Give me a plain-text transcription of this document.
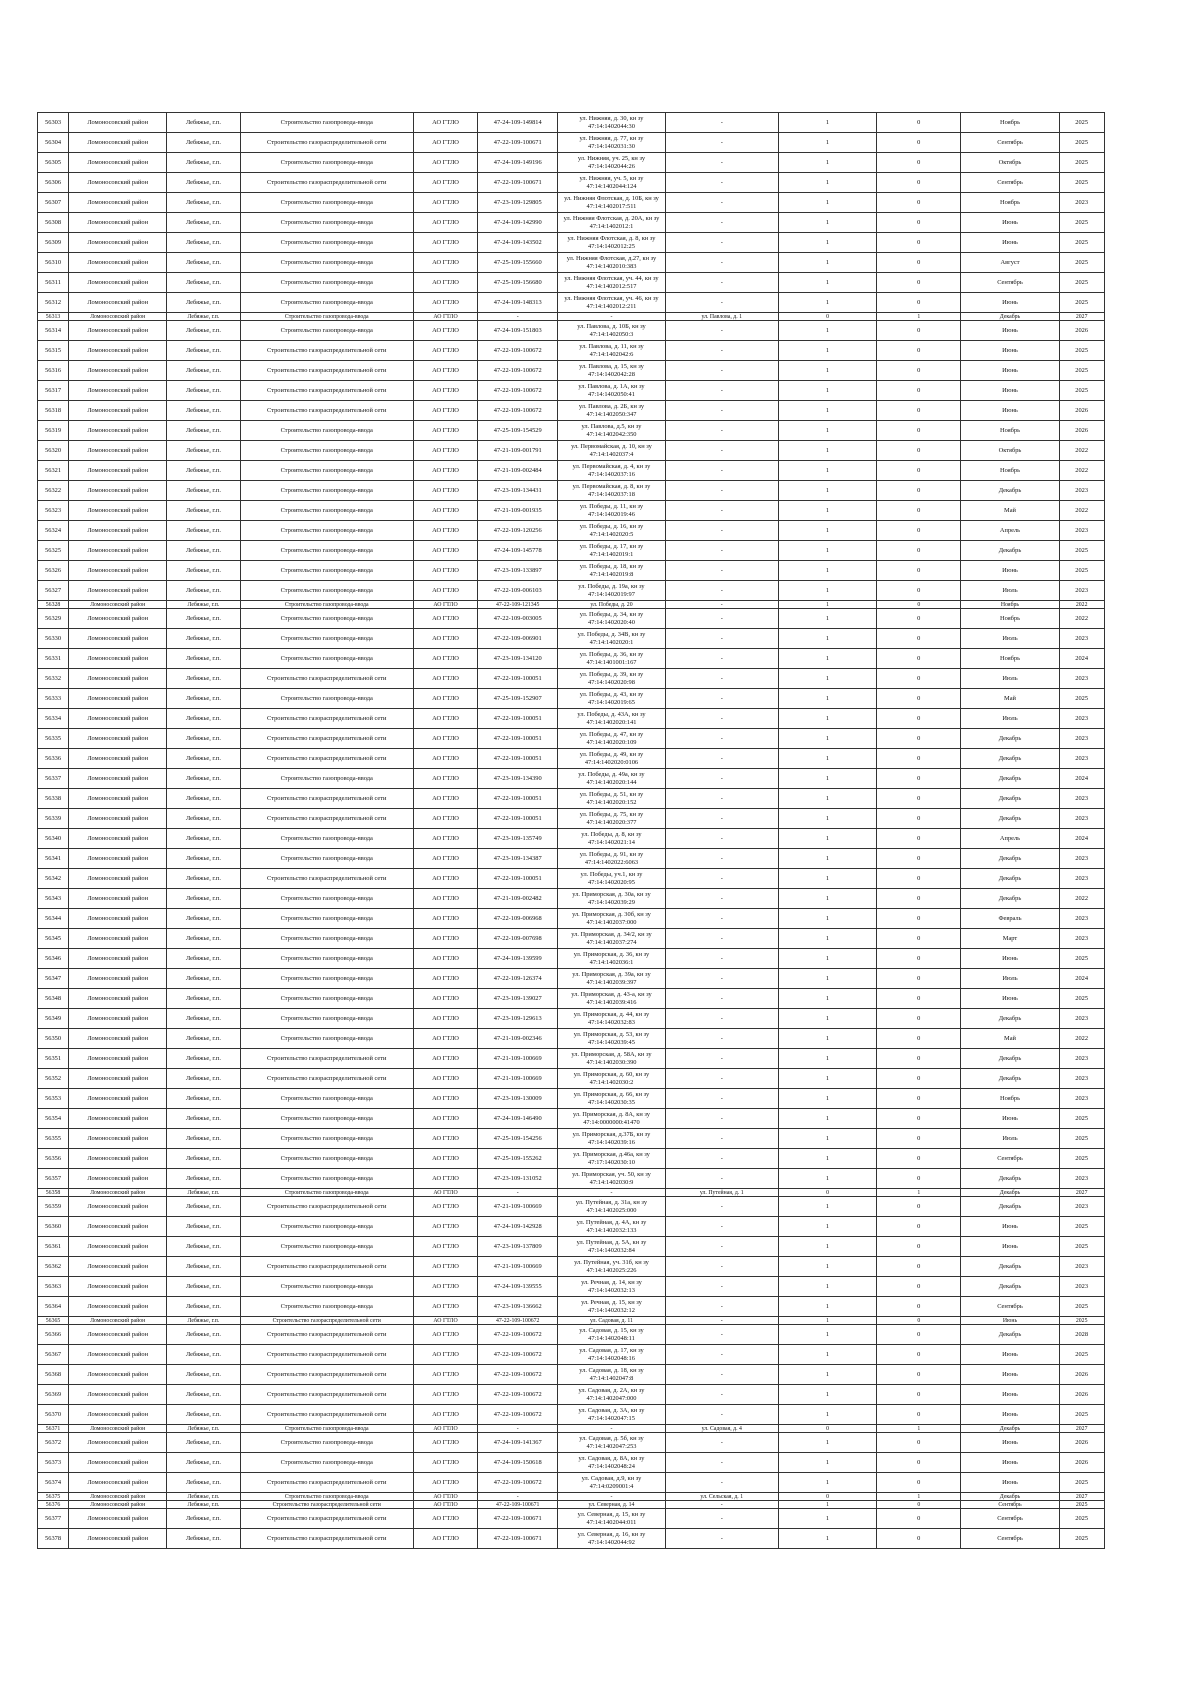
56303	Ломоносовский район	Лебяжье, г.п.	Строительство газопровода-ввода	АО ГТЛО	47-24-109-149814	ул. Нижняя, д. 30, кн зу
47:14:1402044:30	-	1	0	Ноябрь	2025
56304	Ломоносовский район	Лебяжье, г.п.	Строительство газораспределительной сети	АО ГТЛО	47-22-109-100671	ул. Нижняя, д. 77, кн зу
47:14:1402031:30	-	1	0	Сентябрь	2025
56305	Ломоносовский район	Лебяжье, г.п.	Строительство газопровода-ввода	АО ГТЛО	47-24-109-149196	ул. Нижняя, уч. 25, кн зу
47:14:1402044:26	-	1	0	Октябрь	2025
56306	Ломоносовский район	Лебяжье, г.п.	Строительство газораспределительной сети	АО ГТЛО	47-22-109-100671	ул. Нижняя, уч. 5, кн зу
47:14:1402044:124	-	1	0	Сентябрь	2025
56307	Ломоносовский район	Лебяжье, г.п.	Строительство газопровода-ввода	АО ГТЛО	47-23-109-129805	ул. Нижняя Флотская, д. 10Б, кн зу
47:14:1402017:511	-	1	0	Ноябрь	2023
56308	Ломоносовский район	Лебяжье, г.п.	Строительство газопровода-ввода	АО ГТЛО	47-24-109-142990	ул. Нижняя Флотская, д. 20А, кн зу
47:14:1402012:1	-	1	0	Июнь	2025
56309	Ломоносовский район	Лебяжье, г.п.	Строительство газопровода-ввода	АО ГТЛО	47-24-109-143502	ул. Нижняя Флотская, д. 8, кн зу
47:14:1402012:25	-	1	0	Июнь	2025
56310	Ломоносовский район	Лебяжье, г.п.	Строительство газопровода-ввода	АО ГТЛО	47-25-109-155660	ул. Нижняя Флотская, д.27, кн зу
47:14:1402010:383	-	1	0	Август	2025
56311	Ломоносовский район	Лебяжье, г.п.	Строительство газопровода-ввода	АО ГТЛО	47-25-109-156680	ул. Нижняя Флотская, уч. 44, кн зу
47:14:1402012:517	-	1	0	Сентябрь	2025
56312	Ломоносовский район	Лебяжье, г.п.	Строительство газопровода-ввода	АО ГТЛО	47-24-109-148313	ул. Нижняя Флотская, уч. 46, кн зу
47:14:1402012:211	-	1	0	Июнь	2025
56313	Ломоносовский район	Лебяжье, г.п.	Строительство газопровода-ввода	АО ГТЛО	-	-	ул. Павлова, д. 1	0	1	Декабрь	2027
56314	Ломоносовский район	Лебяжье, г.п.	Строительство газопровода-ввода	АО ГТЛО	47-24-109-151803	ул. Павлова, д. 10Б, кн зу
47:14:1402050:3	-	1	0	Июнь	2026
56315	Ломоносовский район	Лебяжье, г.п.	Строительство газораспределительной сети	АО ГТЛО	47-22-109-100672	ул. Павлова, д. 11, кн зу
47:14:1402042:6	-	1	0	Июнь	2025
56316	Ломоносовский район	Лебяжье, г.п.	Строительство газораспределительной сети	АО ГТЛО	47-22-109-100672	ул. Павлова, д. 15, кн зу
47:14:1402042:28	-	1	0	Июнь	2025
56317	Ломоносовский район	Лебяжье, г.п.	Строительство газораспределительной сети	АО ГТЛО	47-22-109-100672	ул. Павлова, д. 1А, кн зу
47:14:1402050:41	-	1	0	Июнь	2025
56318	Ломоносовский район	Лебяжье, г.п.	Строительство газораспределительной сети	АО ГТЛО	47-22-109-100672	ул. Павлова, д. 2Б, кн зу
47:14:1402050:347	-	1	0	Июнь	2026
56319	Ломоносовский район	Лебяжье, г.п.	Строительство газопровода-ввода	АО ГТЛО	47-25-109-154529	ул. Павлова, д.5, кн зу
47:14:1402042:350	-	1	0	Ноябрь	2026
56320	Ломоносовский район	Лебяжье, г.п.	Строительство газопровода-ввода	АО ГТЛО	47-21-109-001791	ул. Первомайская, д. 10, кн зу
47:14:1402037:4	-	1	0	Октябрь	2022
56321	Ломоносовский район	Лебяжье, г.п.	Строительство газопровода-ввода	АО ГТЛО	47-21-109-002484	ул. Первомайская, д. 4, кн зу
47:14:1402037:16	-	1	0	Ноябрь	2022
56322	Ломоносовский район	Лебяжье, г.п.	Строительство газопровода-ввода	АО ГТЛО	47-23-109-134431	ул. Первомайская, д. 8, кн зу
47:14:1402037:18	-	1	0	Декабрь	2023
56323	Ломоносовский район	Лебяжье, г.п.	Строительство газопровода-ввода	АО ГТЛО	47-21-109-001935	ул. Победы, д. 11, кн зу
47:14:1402019:46	-	1	0	Май	2022
56324	Ломоносовский район	Лебяжье, г.п.	Строительство газопровода-ввода	АО ГТЛО	47-22-109-120256	ул. Победы, д. 16, кн зу
47:14:1402020:5	-	1	0	Апрель	2023
56325	Ломоносовский район	Лебяжье, г.п.	Строительство газопровода-ввода	АО ГТЛО	47-24-109-145778	ул. Победы, д. 17, кн зу
47:14:1402019:1	-	1	0	Декабрь	2025
56326	Ломоносовский район	Лебяжье, г.п.	Строительство газопровода-ввода	АО ГТЛО	47-23-109-133897	ул. Победы, д. 18, кн зу
47:14:1402019:8	-	1	0	Июнь	2025
56327	Ломоносовский район	Лебяжье, г.п.	Строительство газопровода-ввода	АО ГТЛО	47-22-109-006103	ул. Победы, д. 19а, кн зу
47:14:1402019:97	-	1	0	Июль	2023
56328	Ломоносовский район	Лебяжье, г.п.	Строительство газопровода-ввода	АО ГТЛО	47-22-109-121345	ул. Победы, д. 20	-	1	0	Ноябрь	2022
56329	Ломоносовский район	Лебяжье, г.п.	Строительство газопровода-ввода	АО ГТЛО	47-22-109-003005	ул. Победы, д. 34, кн зу
47:14:1402020:40	-	1	0	Ноябрь	2022
56330	Ломоносовский район	Лебяжье, г.п.	Строительство газопровода-ввода	АО ГТЛО	47-22-109-006901	ул. Победы, д. 34В, кн зу
47:14:1402020:1	-	1	0	Июль	2023
56331	Ломоносовский район	Лебяжье, г.п.	Строительство газопровода-ввода	АО ГТЛО	47-23-109-134120	ул. Победы, д. 36, кн зу
47:14:1401001:167	-	1	0	Ноябрь	2024
56332	Ломоносовский район	Лебяжье, г.п.	Строительство газораспределительной сети	АО ГТЛО	47-22-109-100051	ул. Победы, д. 39, кн зу
47:14:1402020:98	-	1	0	Июль	2023
56333	Ломоносовский район	Лебяжье, г.п.	Строительство газопровода-ввода	АО ГТЛО	47-25-109-152907	ул. Победы, д. 43, кн зу
47:14:1402019:65	-	1	0	Май	2025
56334	Ломоносовский район	Лебяжье, г.п.	Строительство газораспределительной сети	АО ГТЛО	47-22-109-100051	ул. Победы, д. 43А, кн зу
47:14:1402020:141	-	1	0	Июль	2023
56335	Ломоносовский район	Лебяжье, г.п.	Строительство газораспределительной сети	АО ГТЛО	47-22-109-100051	ул. Победы, д. 47, кн зу
47:14:1402020:109	-	1	0	Декабрь	2023
56336	Ломоносовский район	Лебяжье, г.п.	Строительство газораспределительной сети	АО ГТЛО	47-22-109-100051	ул. Победы, д. 49, кн зу
47:14:1402020:0106	-	1	0	Декабрь	2023
56337	Ломоносовский район	Лебяжье, г.п.	Строительство газопровода-ввода	АО ГТЛО	47-23-109-134390	ул. Победы, д. 49а, кн зу
47:14:1402020:144	-	1	0	Декабрь	2024
56338	Ломоносовский район	Лебяжье, г.п.	Строительство газораспределительной сети	АО ГТЛО	47-22-109-100051	ул. Победы, д. 51, кн зу
47:14:1402020:152	-	1	0	Декабрь	2023
56339	Ломоносовский район	Лебяжье, г.п.	Строительство газораспределительной сети	АО ГТЛО	47-22-109-100051	ул. Победы, д. 75, кн зу
47:14:1402020:377	-	1	0	Декабрь	2023
56340	Ломоносовский район	Лебяжье, г.п.	Строительство газопровода-ввода	АО ГТЛО	47-23-109-135749	ул. Победы, д. 8, кн зу
47:14:1402021:14	-	1	0	Апрель	2024
56341	Ломоносовский район	Лебяжье, г.п.	Строительство газопровода-ввода	АО ГТЛО	47-23-109-134387	ул. Победы, д. 91, кн зу
47:14:1402022:6063	-	1	0	Декабрь	2023
56342	Ломоносовский район	Лебяжье, г.п.	Строительство газораспределительной сети	АО ГТЛО	47-22-109-100051	ул. Победы, уч.1, кн зу
47:14:1402020:95	-	1	0	Декабрь	2023
56343	Ломоносовский район	Лебяжье, г.п.	Строительство газопровода-ввода	АО ГТЛО	47-21-109-002482	ул. Приморская, д. 30а, кн зу
47:14:1402039:29	-	1	0	Декабрь	2022
56344	Ломоносовский район	Лебяжье, г.п.	Строительство газопровода-ввода	АО ГТЛО	47-22-109-006968	ул. Приморская, д. 30б, кн зу
47:14:1402037:000	-	1	0	Февраль	2023
56345	Ломоносовский район	Лебяжье, г.п.	Строительство газопровода-ввода	АО ГТЛО	47-22-109-007698	ул. Приморская, д. 34/2, кн зу
47:14:1402037:274	-	1	0	Март	2023
56346	Ломоносовский район	Лебяжье, г.п.	Строительство газопровода-ввода	АО ГТЛО	47-24-109-139599	ул. Приморская, д. 36, кн зу
47:14:1402036:1	-	1	0	Июнь	2025
56347	Ломоносовский район	Лебяжье, г.п.	Строительство газопровода-ввода	АО ГТЛО	47-22-109-126374	ул. Приморская, д. 39а, кн зу
47:14:1402039:397	-	1	0	Июль	2024
56348	Ломоносовский район	Лебяжье, г.п.	Строительство газопровода-ввода	АО ГТЛО	47-23-109-139027	ул. Приморская, д. 43-а, кн зу
47:14:1402039:416	-	1	0	Июнь	2025
56349	Ломоносовский район	Лебяжье, г.п.	Строительство газопровода-ввода	АО ГТЛО	47-23-109-129613	ул. Приморская, д. 44, кн зу
47:14:1402032:83	-	1	0	Декабрь	2023
56350	Ломоносовский район	Лебяжье, г.п.	Строительство газопровода-ввода	АО ГТЛО	47-21-109-002346	ул. Приморская, д. 53, кн зу
47:14:1402039:45	-	1	0	Май	2022
56351	Ломоносовский район	Лебяжье, г.п.	Строительство газораспределительной сети	АО ГТЛО	47-21-109-100669	ул. Приморская, д. 58А, кн зу
47:14:1402030:390	-	1	0	Декабрь	2023
56352	Ломоносовский район	Лебяжье, г.п.	Строительство газораспределительной сети	АО ГТЛО	47-21-109-100669	ул. Приморская, д. 60, кн зу
47:14:1402030:2	-	1	0	Декабрь	2023
56353	Ломоносовский район	Лебяжье, г.п.	Строительство газопровода-ввода	АО ГТЛО	47-23-109-130009	ул. Приморская, д. 66, кн зу
47:14:1402030:35	-	1	0	Ноябрь	2023
56354	Ломоносовский район	Лебяжье, г.п.	Строительство газопровода-ввода	АО ГТЛО	47-24-109-146490	ул. Приморская, д. 8А, кн зу
47:14:0000000:41470	-	1	0	Июнь	2025
56355	Ломоносовский район	Лебяжье, г.п.	Строительство газопровода-ввода	АО ГТЛО	47-25-109-154256	ул. Приморская, д.37Б, кн зу
47:14:1402039:16	-	1	0	Июль	2025
56356	Ломоносовский район	Лебяжье, г.п.	Строительство газопровода-ввода	АО ГТЛО	47-25-109-155262	ул. Приморская, д.46а, кн зу
47:17:1402030:10	-	1	0	Сентябрь	2025
56357	Ломоносовский район	Лебяжье, г.п.	Строительство газопровода-ввода	АО ГТЛО	47-23-109-131052	ул. Приморская, уч. 50, кн зу
47:14:1402030:9	-	1	0	Декабрь	2023
56358	Ломоносовский район	Лебяжье, г.п.	Строительство газопровода-ввода	АО ГТЛО	-	-	ул. Путейная, д. 1	0	1	Декабрь	2027
56359	Ломоносовский район	Лебяжье, г.п.	Строительство газораспределительной сети	АО ГТЛО	47-21-109-100669	ул. Путейная, д. 31а, кн зу
47:14:1402025:000	-	1	0	Декабрь	2023
56360	Ломоносовский район	Лебяжье, г.п.	Строительство газопровода-ввода	АО ГТЛО	47-24-109-142928	ул. Путейная, д. 4А, кн зу
47:14:1402032:133	-	1	0	Июнь	2025
56361	Ломоносовский район	Лебяжье, г.п.	Строительство газопровода-ввода	АО ГТЛО	47-23-109-137809	ул. Путейная, д. 5А, кн зу
47:14:1402032:84	-	1	0	Июнь	2025
56362	Ломоносовский район	Лебяжье, г.п.	Строительство газораспределительной сети	АО ГТЛО	47-21-109-100669	ул. Путейная, уч. 31б, кн зу
47:14:1402025:226	-	1	0	Декабрь	2023
56363	Ломоносовский район	Лебяжье, г.п.	Строительство газопровода-ввода	АО ГТЛО	47-24-109-139555	ул. Речная, д. 14, кн зу
47:14:1402032:13	-	1	0	Декабрь	2023
56364	Ломоносовский район	Лебяжье, г.п.	Строительство газопровода-ввода	АО ГТЛО	47-23-109-136662	ул. Речная, д. 15, кн зу
47:14:1402032:12	-	1	0	Сентябрь	2025
56365	Ломоносовский район	Лебяжье, г.п.	Строительство газораспределительной сети	АО ГТЛО	47-22-109-100672	ул. Садовая, д. 11	-	1	0	Июнь	2025
56366	Ломоносовский район	Лебяжье, г.п.	Строительство газораспределительной сети	АО ГТЛО	47-22-109-100672	ул. Садовая, д. 15, кн зу
47:14:1402048:11	-	1	0	Декабрь	2028
56367	Ломоносовский район	Лебяжье, г.п.	Строительство газораспределительной сети	АО ГТЛО	47-22-109-100672	ул. Садовая, д. 17, кн зу
47:14:1402048:16	-	1	0	Июнь	2025
56368	Ломоносовский район	Лебяжье, г.п.	Строительство газораспределительной сети	АО ГТЛО	47-22-109-100672	ул. Садовая, д. 18, кн зу
47:14:1402047:8	-	1	0	Июнь	2026
56369	Ломоносовский район	Лебяжье, г.п.	Строительство газораспределительной сети	АО ГТЛО	47-22-109-100672	ул. Садовая, д. 2А, кн зу
47:14:1402047:000	-	1	0	Июнь	2026
56370	Ломоносовский район	Лебяжье, г.п.	Строительство газораспределительной сети	АО ГТЛО	47-22-109-100672	ул. Садовая, д. 3А, кн зу
47:14:1402047:15	-	1	0	Июнь	2025
56371	Ломоносовский район	Лебяжье, г.п.	Строительство газопровода-ввода	АО ГТЛО	-	-	ул. Садовая, д. 4	0	1	Декабрь	2027
56372	Ломоносовский район	Лебяжье, г.п.	Строительство газопровода-ввода	АО ГТЛО	47-24-109-141367	ул. Садовая, д. 5б, кн зу
47:14:1402047:253	-	1	0	Июнь	2026
56373	Ломоносовский район	Лебяжье, г.п.	Строительство газопровода-ввода	АО ГТЛО	47-24-109-150618	ул. Садовая, д. 8А, кн зу
47:14:1402048:24	-	1	0	Июнь	2026
56374	Ломоносовский район	Лебяжье, г.п.	Строительство газораспределительной сети	АО ГТЛО	47-22-109-100672	ул. Садовая, д.9, кн зу
47:14:0209001:4	-	1	0	Июнь	2025
56375	Ломоносовский район	Лебяжье, г.п.	Строительство газопровода-ввода	АО ГТЛО	-	-	ул. Сельская, д. 1	0	1	Декабрь	2027
56376	Ломоносовский район	Лебяжье, г.п.	Строительство газораспределительной сети	АО ГТЛО	47-22-109-100671	ул. Северная, д. 14	-	1	0	Сентябрь	2025
56377	Ломоносовский район	Лебяжье, г.п.	Строительство газораспределительной сети	АО ГТЛО	47-22-109-100671	ул. Северная, д. 15, кн зу
47:14:1402044:011	-	1	0	Сентябрь	2025
56378	Ломоносовский район	Лебяжье, г.п.	Строительство газораспределительной сети	АО ГТЛО	47-22-109-100671	ул. Северная, д. 16, кн зу
47:14:1402044:92	-	1	0	Сентябрь	2025
